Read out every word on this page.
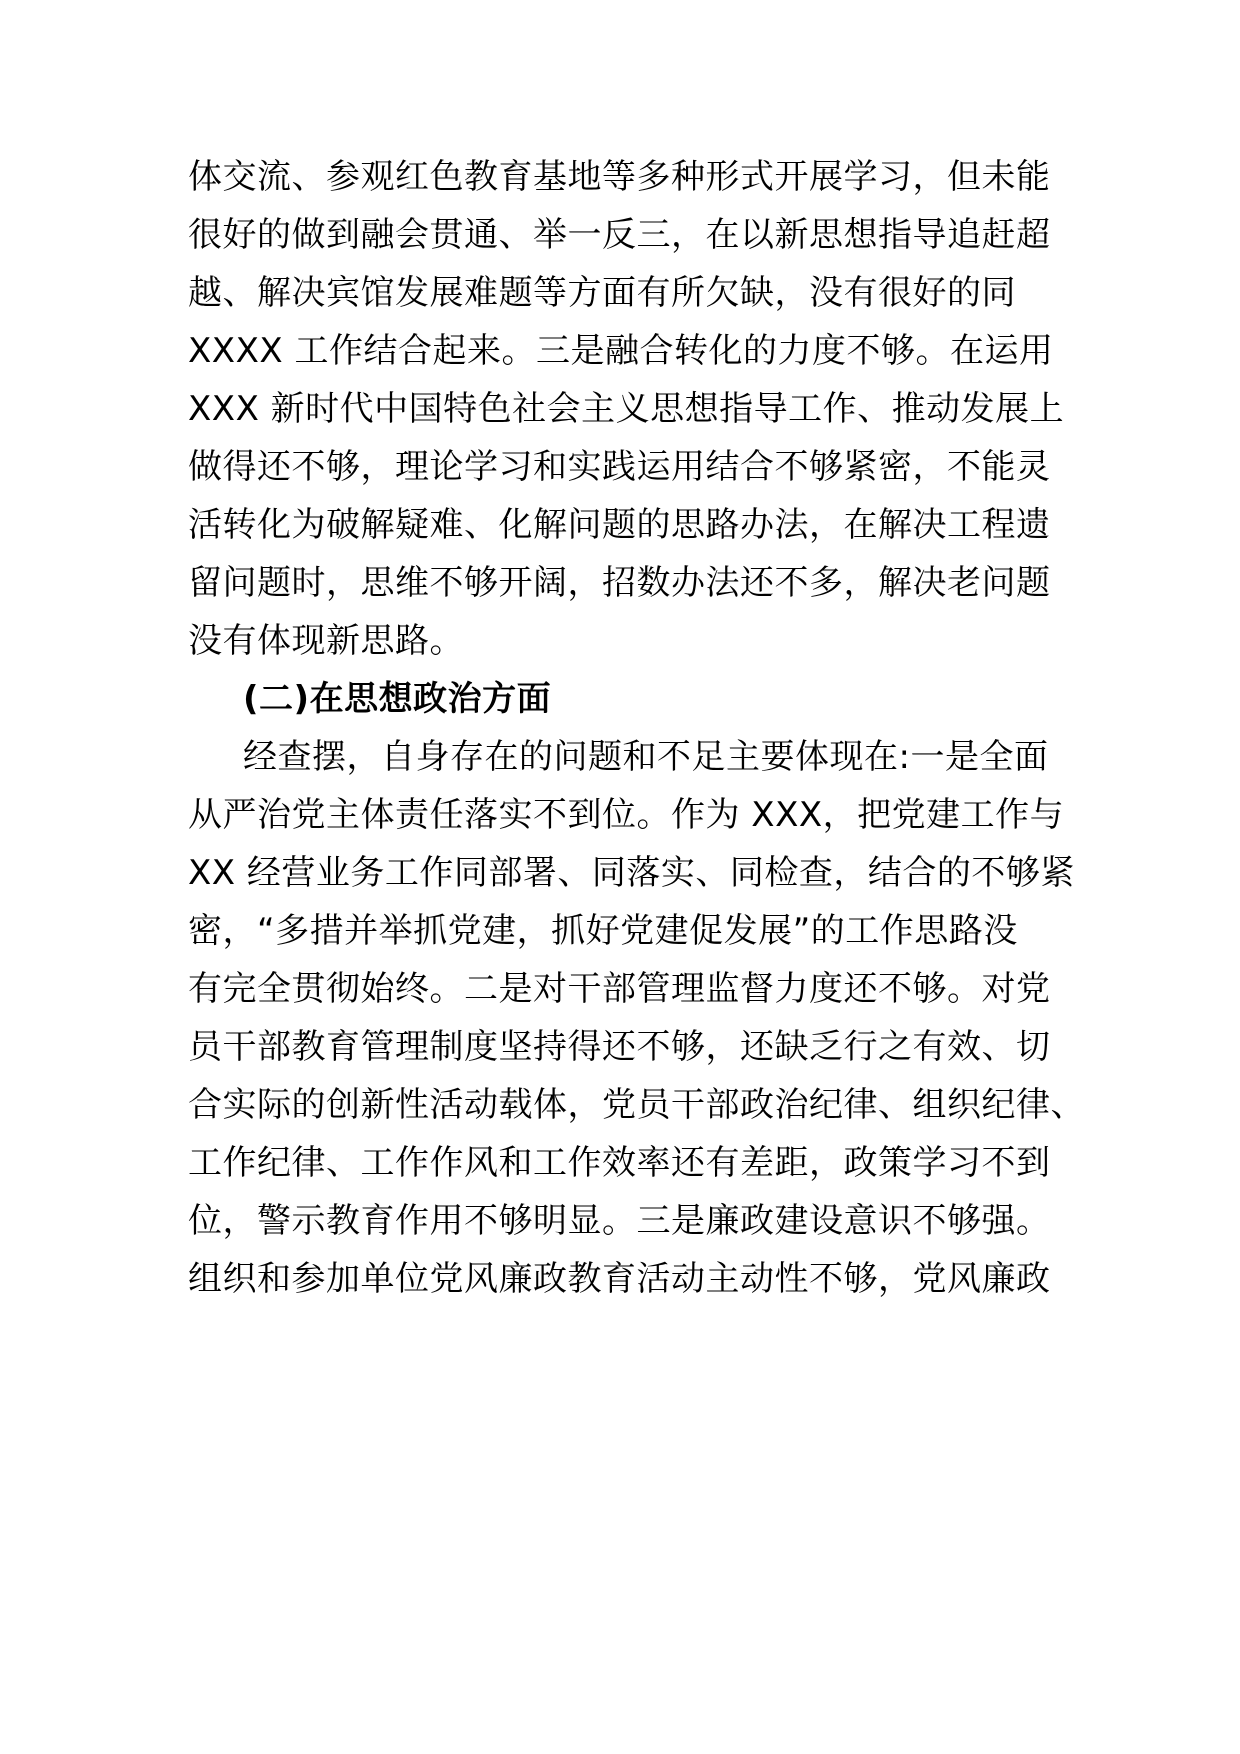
体交流、参观红色教育基地等多种形式开展学习，但未能
很好的做到融会贯通、举一反三，在以新思想指导追赶超
越、解决宾馆发展难题等方面有所欠缺，没有很好的同
XXXX 工作结合起来。三是融合转化的力度不够。在运用
XXX 新时代中国特色社会主义思想指导工作、推动发展上
做得还不够，理论学习和实践运用结合不够紧密，不能灵
活转化为破解疑难、化解问题的思路办法，在解决工程遗
留问题时，思维不够开阔，招数办法还不多，解决老问题
没有体现新思路。
(二)在思想政治方面
经查摆，自身存在的问题和不足主要体现在:一是全面
从严治党主体责任落实不到位。作为 XXX，把党建工作与
XX 经营业务工作同部署、同落实、同检查，结合的不够紧
密，“多措并举抓党建，抓好党建促发展”的工作思路没
有完全贯彻始终。二是对干部管理监督力度还不够。对党
员干部教育管理制度坚持得还不够，还缺乏行之有效、切
合实际的创新性活动载体，党员干部政治纪律、组织纪律、
工作纪律、工作作风和工作效率还有差距，政策学习不到
位，警示教育作用不够明显。三是廉政建设意识不够强。
组织和参加单位党风廉政教育活动主动性不够，党风廉政
